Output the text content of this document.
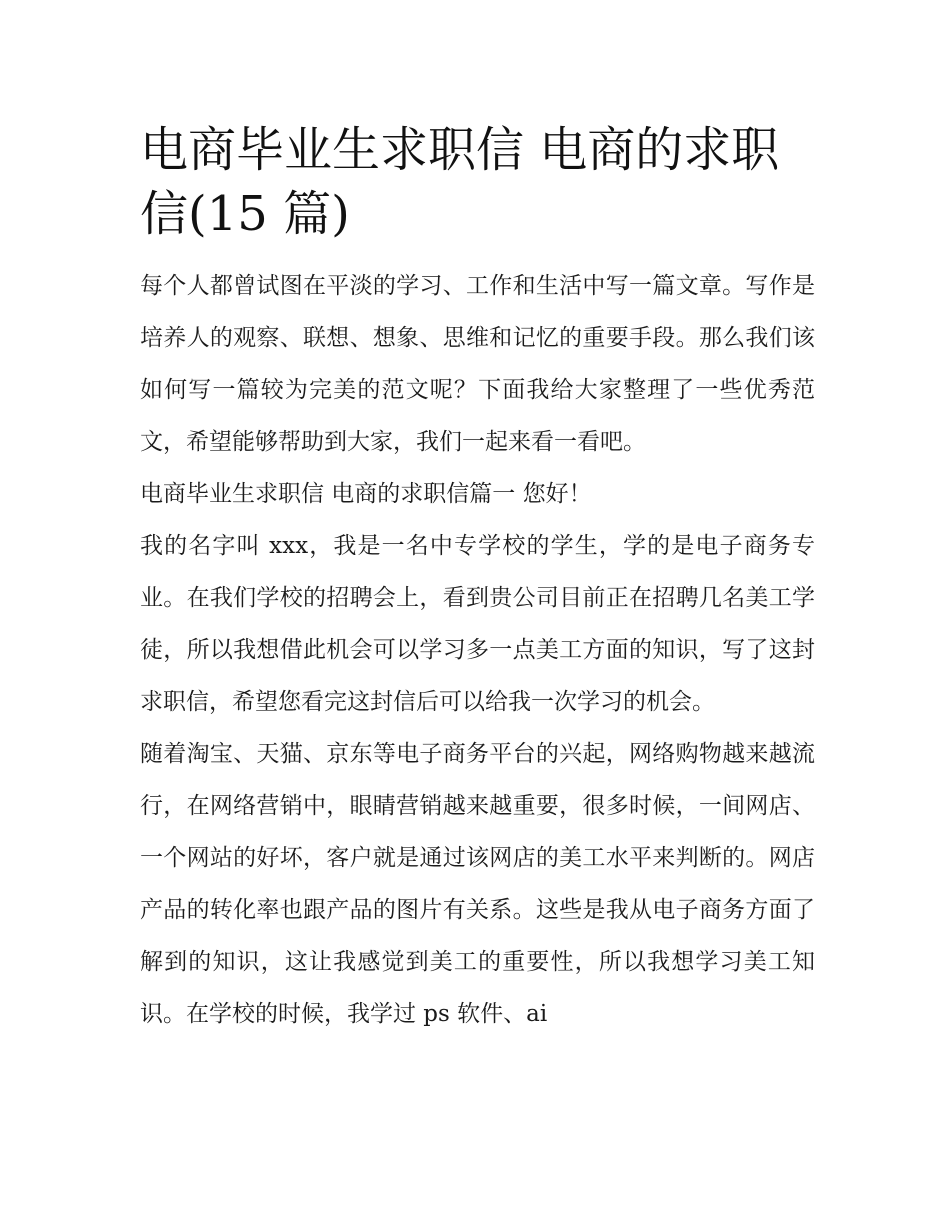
电商毕业生求职信 电商的求职信(15 篇)

每个人都曾试图在平淡的学习、工作和生活中写一篇文章。写作是培养人的观察、联想、想象、思维和记忆的重要手段。那么我们该如何写一篇较为完美的范文呢？下面我给大家整理了一些优秀范文，希望能够帮助到大家，我们一起来看一看吧。

电商毕业生求职信 电商的求职信篇一 您好！

我的名字叫 xxx，我是一名中专学校的学生，学的是电子商务专业。在我们学校的招聘会上，看到贵公司目前正在招聘几名美工学徒，所以我想借此机会可以学习多一点美工方面的知识，写了这封求职信，希望您看完这封信后可以给我一次学习的机会。

随着淘宝、天猫、京东等电子商务平台的兴起，网络购物越来越流行，在网络营销中，眼睛营销越来越重要，很多时候，一间网店、一个网站的好坏，客户就是通过该网店的美工水平来判断的。网店产品的转化率也跟产品的图片有关系。这些是我从电子商务方面了解到的知识，这让我感觉到美工的重要性，所以我想学习美工知识。在学校的时候，我学过 ps 软件、ai
